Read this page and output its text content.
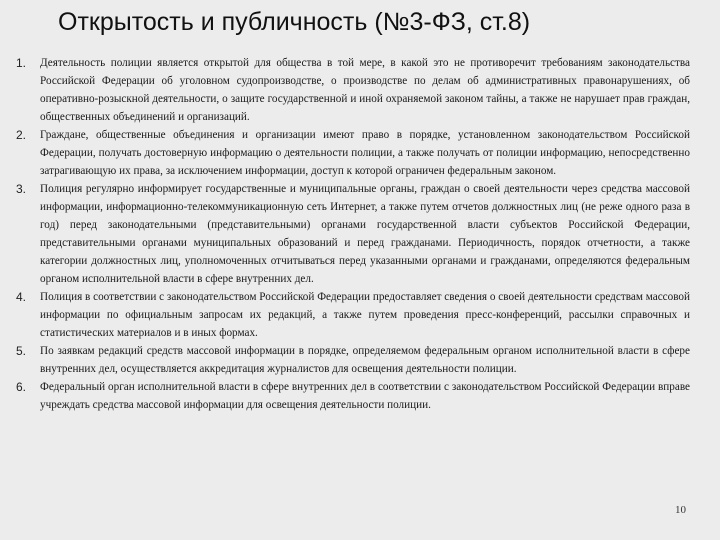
Открытость и публичность (№3-ФЗ, ст.8)
1.	Деятельность полиции является открытой для общества в той мере, в какой это не противоречит требованиям законодательства Российской Федерации об уголовном судопроизводстве, о производстве по делам об административных правонарушениях, об оперативно-розыскной деятельности, о защите государственной и иной охраняемой законом тайны, а также не нарушает прав граждан, общественных объединений и организаций.
2.	Граждане, общественные объединения и организации имеют право в порядке, установленном законодательством Российской Федерации, получать достоверную информацию о деятельности полиции, а также получать от полиции информацию, непосредственно затрагивающую их права, за исключением информации, доступ к которой ограничен федеральным законом.
3.	Полиция регулярно информирует государственные и муниципальные органы, граждан о своей деятельности через средства массовой информации, информационно-телекоммуникационную сеть Интернет, а также путем отчетов должностных лиц (не реже одного раза в год) перед законодательными (представительными) органами государственной власти субъектов Российской Федерации, представительными органами муниципальных образований и перед гражданами. Периодичность, порядок отчетности, а также категории должностных лиц, уполномоченных отчитываться перед указанными органами и гражданами, определяются федеральным органом исполнительной власти в сфере внутренних дел.
4.	Полиция в соответствии с законодательством Российской Федерации предоставляет сведения о своей деятельности средствам массовой информации по официальным запросам их редакций, а также путем проведения пресс-конференций, рассылки справочных и статистических материалов и в иных формах.
5.	По заявкам редакций средств массовой информации в порядке, определяемом федеральным органом исполнительной власти в сфере внутренних дел, осуществляется аккредитация журналистов для освещения деятельности полиции.
6.	Федеральный орган исполнительной власти в сфере внутренних дел в соответствии с законодательством Российской Федерации вправе учреждать средства массовой информации для освещения деятельности полиции.
10
